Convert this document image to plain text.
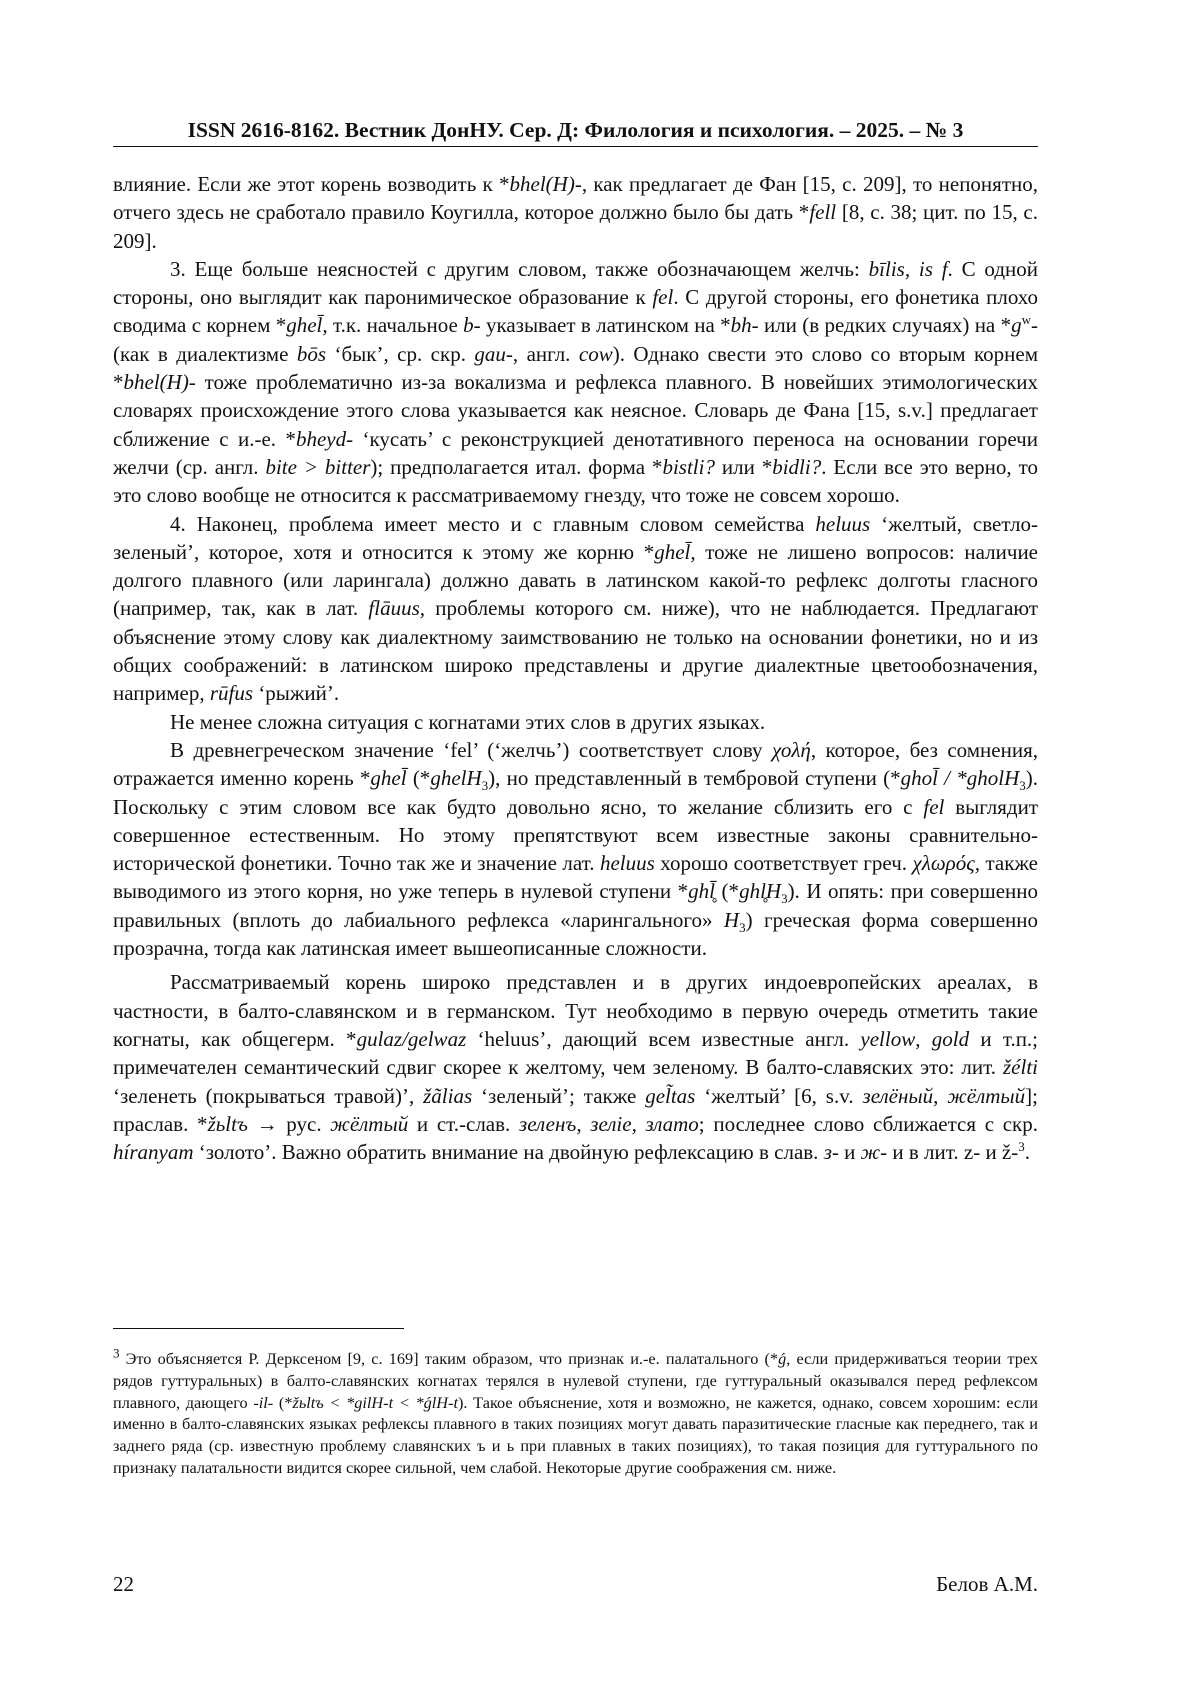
ISSN 2616-8162. Вестник ДонНУ. Сер. Д: Филология и психология. – 2025. – № 3

влияние. Если же этот корень возводить к *bhel(H)-, как предлагает де Фан [15, с. 209], то непонятно, отчего здесь не сработало правило Коугилла, которое должно было бы дать *fell [8, с. 38; цит. по 15, с. 209].

3. Еще больше неясностей с другим словом, также обозначающем желчь: bīlis, is f. С одной стороны, оно выглядит как паронимическое образование к fel. С другой стороны, его фонетика плохо сводима с корнем *ghel̄, т.к. начальное b- указывает в латинском на *bh- или (в редких случаях) на $*g^w-$ (как в диалектизме bōs ‘бык’, ср. скр. gau-, англ. cow). Однако свести это слово со вторым корнем *bhel(H)- тоже проблематично из-за вокализма и рефлекса плавного. В новейших этимологических словарях происхождение этого слова указывается как неясное. Словарь де Фана [15, s.v.] предлагает сближение с и.-е. *bheyd- ‘кусать’ с реконструкцией денотативного переноса на основании горечи желчи (ср. англ. bite > bitter); предполагается итал. форма *bistli? или *bidli?. Если все это верно, то это слово вообще не относится к рассматриваемому гнезду, что тоже не совсем хорошо.

4. Наконец, проблема имеет место и с главным словом семейства heluus ‘желтый, светло-зеленый’, которое, хотя и относится к этому же корню *ghel̄, тоже не лишено вопросов: наличие долгого плавного (или ларингала) должно давать в латинском какой-то рефлекс долготы гласного (например, так, как в лат. flāuus, проблемы которого см. ниже), что не наблюдается. Предлагают объяснение этому слову как диалектному заимствованию не только на основании фонетики, но и из общих соображений: в латинском широко представлены и другие диалектные цветообозначения, например, rūfus ‘рыжий’.

Не менее сложна ситуация с когнатами этих слов в других языках.

В древнегреческом значение ‘fel’ (‘желчь’) соответствует слову χολή, которое, без сомнения, отражается именно корень *ghel̄ (*ghelH$_3$), но представленный в тембровой ступени (*ghol̄ / *gholH$_3$). Поскольку с этим словом все как будто довольно ясно, то желание сблизить его с fel выглядит совершенное естественным. Но этому препятствуют всем известные законы сравнительно-исторической фонетики. Точно так же и значение лат. heluus хорошо соответствует греч. χλωρός, также выводимого из этого корня, но уже теперь в нулевой ступени *ghl̥̄ $(*ghl̥H_3)$. И опять: при совершенно правильных (вплоть до лабиального рефлекса «ларингального» $H_3$) греческая форма совершенно прозрачна, тогда как латинская имеет вышеописанные сложности.

Рассматриваемый корень широко представлен и в других индоевропейских ареалах, в частности, в балто-славянском и в германском. Тут необходимо в первую очередь отметить такие когнаты, как общегерм. *gulaz/gelwaz ‘heluus’, дающий всем известные англ. yellow, gold и т.п.; примечателен семантический сдвиг скорее к желтому, чем зеленому. В балто-славяских это: лит. žélti ‘зеленеть (покрываться травой)’, žãlias ‘зеленый’; также gel̃tas ‘желтый’ [6, s.v. зелёный, жёлтый]; праслав. *žьltъ → рус. жёлтый и ст.-слав. зеленъ, зелiе, златo; последнее слово сближается с скр. híranyam ‘золото’. Важно обратить внимание на двойную рефлексацию в слав. з- и ж- и в лит. z- и ž-$^3$.

$^3$ Это объясняется Р. Дерксеном [9, с. 169] таким образом, что признак и.-е. палатального (*ǵ, если придерживаться теории трех рядов гуттуральных) в балто-славянских когнатах терялся в нулевой ступени, где гуттуральный оказывался перед рефлексом плавного, дающего -il- (*žьltъ < *gilH-t < *ǵlH-t). Такое объяснение, хотя и возможно, не кажется, однако, совсем хорошим: если именно в балто-славянских языках рефлексы плавного в таких позициях могут давать паразитические гласные как переднего, так и заднего ряда (ср. известную проблему славянских ъ и ь при плавных в таких позициях), то такая позиция для гуттурального по признаку палатальности видится скорее сильной, чем слабой. Некоторые другие соображения см. ниже.

22	Белов А.М.
